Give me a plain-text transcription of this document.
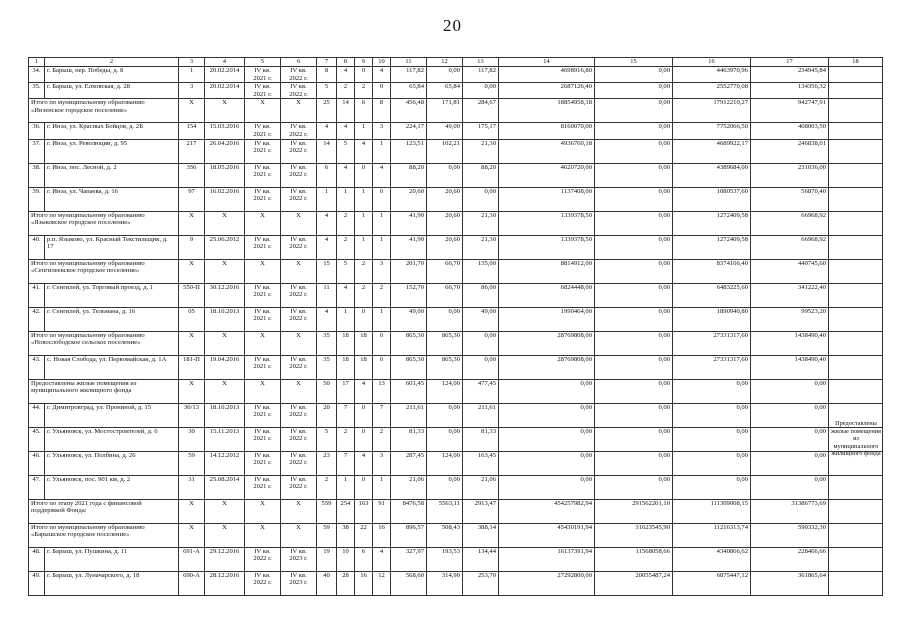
20
1	2	3	4	5	6	7	8	9	10	11	12	13	14	15	16	17	18
34.	г. Барыш, пер. Победы, д. 8	1	20.02.2014	IV кв. 2021 г.	IV кв. 2022 г.	8	4	0	4	117,82	0,00	117,82	4698916,80	0,00	4463970,96	234945,84	
35.	г. Барыш, ул. Елховская, д. 28	3	20.02.2014	IV кв. 2021 г.	IV кв. 2022 г.	5	2	2	0	65,84	65,84	0,00	2687126,40	0,00	2552770,08	134356,32	
Итого по муниципальному образованию «Инзенское городское поселение»		X	X	X	X	25	14	6	8	456,48	171,81	284,67	18854958,18	0,00	17912210,27	942747,91	
36.	г. Инза, ул. Красных Бойцов, д. 2Б	154	15.03.2016	IV кв. 2021 г.	IV кв. 2022 г.	4	4	1	3	224,17	49,00	175,17	8160070,00	0,00	7752066,50	408003,50	
37.	г. Инза, ул. Революции, д. 95	217	26.04.2016	IV кв. 2021 г.	IV кв. 2022 г.	14	5	4	1	123,51	102,21	21,30	4936760,18	0,00	4689922,17	246838,01	
38.	г. Инза, пос. Лесной, д. 2	356	18.05.2016	IV кв. 2021 г.	IV кв. 2022 г.	6	4	0	4	88,20	0,00	88,20	4620720,00	0,00	4389684,00	231036,00	
39.	г. Инза, ул. Чапаева, д. 16	97	16.02.2016	IV кв. 2021 г.	IV кв. 2022 г.	1	1	1	0	20,60	20,60	0,00	1137408,00	0,00	1080537,60	56870,40	
Итого по муниципальному образованию «Языковское городское поселение»		X	X	X	X	4	2	1	1	41,90	20,60	21,30	1339378,50	0,00	1272409,58	66968,92	
40.	р.п. Языково, ул. Красный Текстильщик, д. 17	9	25.06.2012	IV кв. 2021 г.	IV кв. 2022 г.	4	2	1	1	41,90	20,60	21,30	1339378,50	0,00	1272409,58	66968,92	
Итого по муниципальному образованию «Сенгилеевское городское поселение»		X	X	X	X	15	5	2	3	201,70	66,70	135,00	8814912,00	0,00	8374166,40	440745,60	
41.	г. Сенгилей, ул. Торговый проезд, д. 1	550-П	30.12.2016	IV кв. 2021 г.	IV кв. 2022 г.	11	4	2	2	152,70	66,70	86,00	6824448,00	0,00	6483225,60	341222,40	
42.	г. Сенгилей, ул. Тельмана, д. 16	05	18.10.2013	IV кв. 2021 г.	IV кв. 2022 г.	4	1	0	1	49,00	0,00	49,00	1990464,00	0,00	1890940,80	99523,20	
Итого по муниципальному образованию «Новослободское сельское поселение»		X	X	X	X	35	18	18	0	865,30	865,30	0,00	28769808,00	0,00	27331317,60	1438490,40	
43.	с. Новая Слобода, ул. Первомайская, д. 1А	181-П	19.04.2016	IV кв. 2021 г.	IV кв. 2022 г.	35	18	18	0	865,30	865,30	0,00	28769808,00	0,00	27331317,60	1438490,40	
Предоставлены жилые помещения из муниципального жилищного фонда		X	X	X	X	50	17	4	13	601,45	124,00	477,45	0,00	0,00	0,00	0,00	
44.	г. Димитровград, ул. Прониной, д. 15	30/13	18.10.2013	IV кв. 2021 г.	IV кв. 2022 г.	20	7	0	7	211,61	0,00	211,61	0,00	0,00	0,00	0,00	
45.	г. Ульяновск, ул. Мостостроителей, д. 6	30	15.11.2013	IV кв. 2021 г.	IV кв. 2022 г.	5	2	0	2	81,33	0,00	81,33	0,00	0,00	0,00	0,00	
46.	г. Ульяновск, ул. Полбина, д. 26	59	14.12.2012	IV кв. 2021 г.	IV кв. 2022 г.	23	7	4	3	287,45	124,00	163,45	0,00	0,00	0,00	0,00	
47.	г. Ульяновск, пос. 901 км, д. 2	31	25.08.2014	IV кв. 2021 г.	IV кв. 2022 г.	2	1	0	1	21,06	0,00	21,06	0,00	0,00	0,00	0,00	
Итого по этапу 2021 года с финансовой поддержкой Фонда:		X	X	X	X	559	254	163	91	8476,58	5563,11	2913,47	454257982,94	291562201,10	111309008,15	31386773,69	
Итого по муниципальному образованию «Барышское городское поселение»		X	X	X	X	59	38	22	16	896,57	508,43	388,14	45430191,94	31623545,90	11216313,74	590332,30	
48.	г. Барыш, ул. Пушкина, д. 11	691-А	29.12.2016	IV кв. 2022 г.	IV кв. 2023 г.	19	10	6	4	327,97	193,53	134,44	16137391,94	11568058,66	4340866,62	228466,66	
49.	г. Барыш, ул. Луначарского, д. 18	690-А	28.12.2016	IV кв. 2022 г.	IV кв. 2023 г.	40	28	16	12	568,60	314,90	253,70	27292800,00	20055487,24	6875447,12	361865,64	
Предоставлены жилые помещения из муниципального жилищного фонда
